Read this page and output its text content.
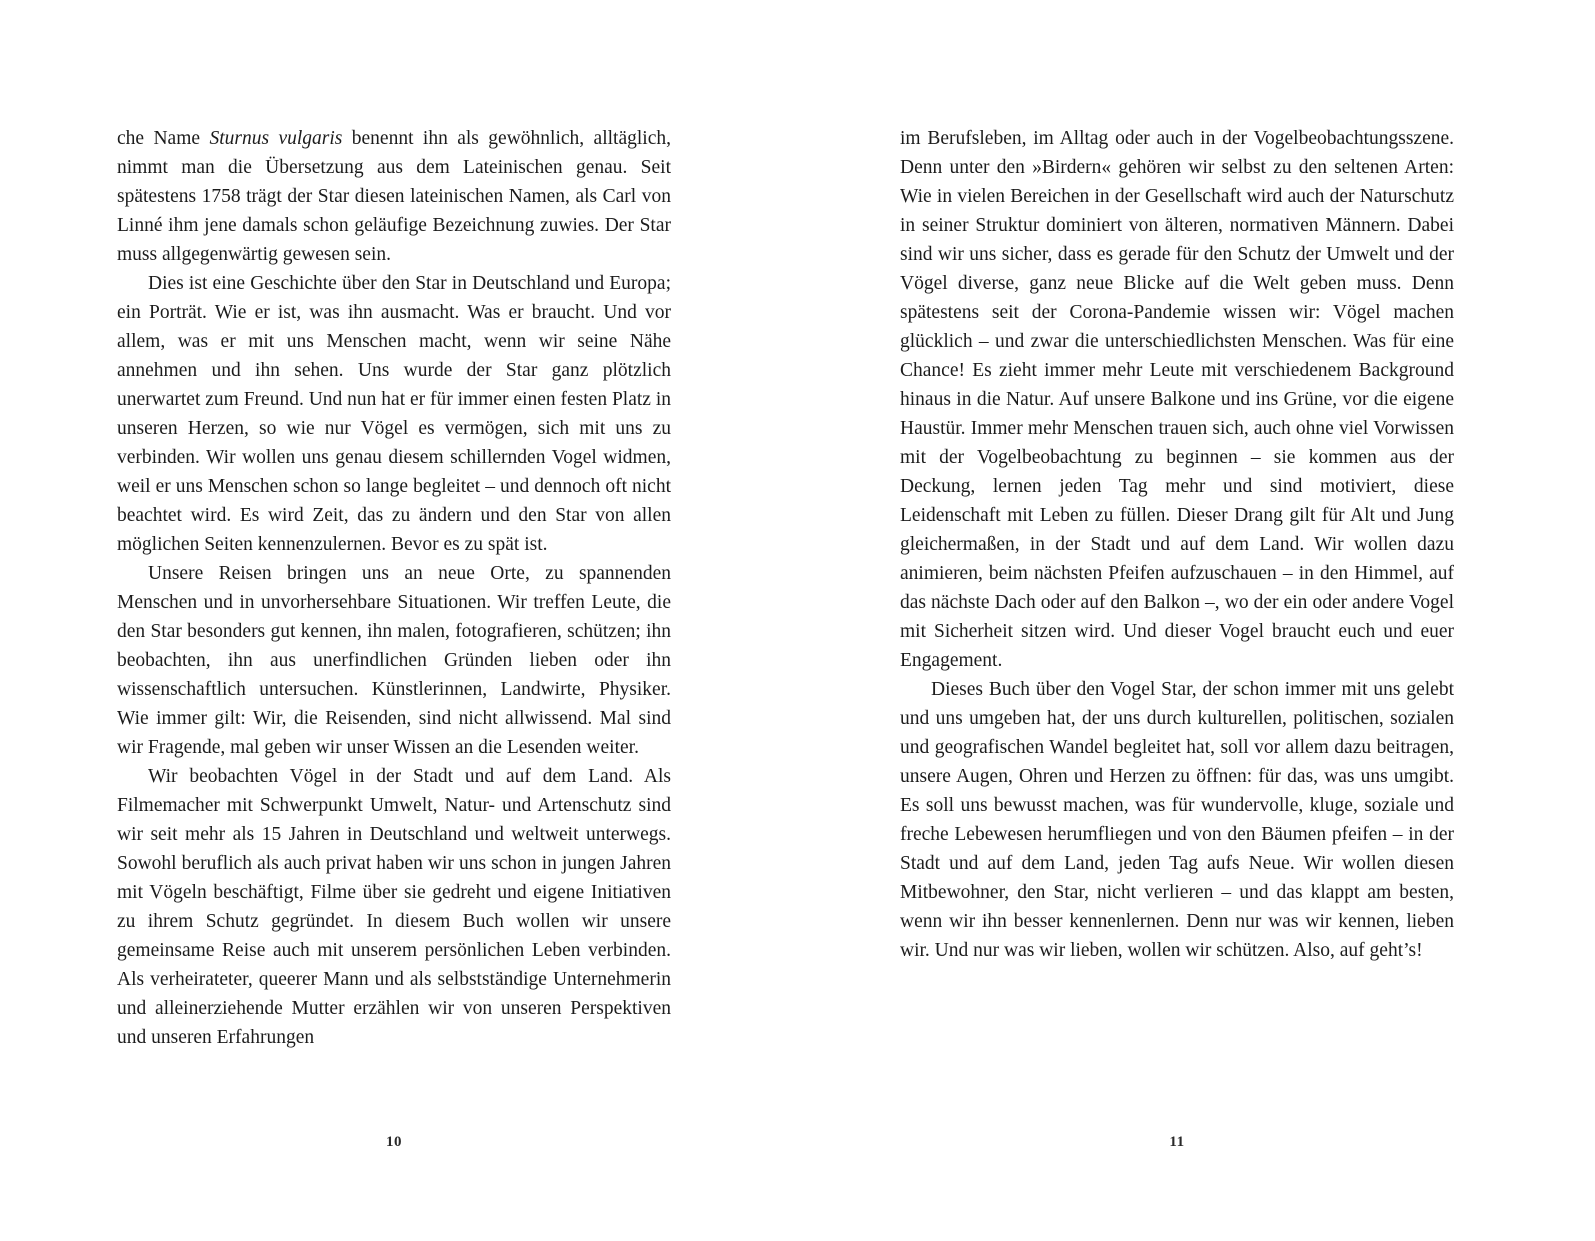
che Name Sturnus vulgaris benennt ihn als gewöhnlich, alltäglich, nimmt man die Übersetzung aus dem Lateinischen genau. Seit spätestens 1758 trägt der Star diesen lateinischen Namen, als Carl von Linné ihm jene damals schon geläufige Bezeichnung zuwies. Der Star muss allgegenwärtig gewesen sein.

Dies ist eine Geschichte über den Star in Deutschland und Europa; ein Porträt. Wie er ist, was ihn ausmacht. Was er braucht. Und vor allem, was er mit uns Menschen macht, wenn wir seine Nähe annehmen und ihn sehen. Uns wurde der Star ganz plötzlich unerwartet zum Freund. Und nun hat er für immer einen festen Platz in unseren Herzen, so wie nur Vögel es vermögen, sich mit uns zu verbinden. Wir wollen uns genau diesem schillernden Vogel widmen, weil er uns Menschen schon so lange begleitet – und dennoch oft nicht beachtet wird. Es wird Zeit, das zu ändern und den Star von allen möglichen Seiten kennenzulernen. Bevor es zu spät ist.

Unsere Reisen bringen uns an neue Orte, zu spannenden Menschen und in unvorhersehbare Situationen. Wir treffen Leute, die den Star besonders gut kennen, ihn malen, fotografieren, schützen; ihn beobachten, ihn aus unerfindlichen Gründen lieben oder ihn wissenschaftlich untersuchen. Künstlerinnen, Landwirte, Physiker. Wie immer gilt: Wir, die Reisenden, sind nicht allwissend. Mal sind wir Fragende, mal geben wir unser Wissen an die Lesenden weiter.

Wir beobachten Vögel in der Stadt und auf dem Land. Als Filmemacher mit Schwerpunkt Umwelt, Natur- und Artenschutz sind wir seit mehr als 15 Jahren in Deutschland und weltweit unterwegs. Sowohl beruflich als auch privat haben wir uns schon in jungen Jahren mit Vögeln beschäftigt, Filme über sie gedreht und eigene Initiativen zu ihrem Schutz gegründet. In diesem Buch wollen wir unsere gemeinsame Reise auch mit unserem persönlichen Leben verbinden. Als verheirateter, queerer Mann und als selbstständige Unternehmerin und alleinerziehende Mutter erzählen wir von unseren Perspektiven und unseren Erfahrungen

im Berufsleben, im Alltag oder auch in der Vogelbeobachtungsszene. Denn unter den »Birdern« gehören wir selbst zu den seltenen Arten: Wie in vielen Bereichen in der Gesellschaft wird auch der Naturschutz in seiner Struktur dominiert von älteren, normativen Männern. Dabei sind wir uns sicher, dass es gerade für den Schutz der Umwelt und der Vögel diverse, ganz neue Blicke auf die Welt geben muss. Denn spätestens seit der Corona-Pandemie wissen wir: Vögel machen glücklich – und zwar die unterschiedlichsten Menschen. Was für eine Chance! Es zieht immer mehr Leute mit verschiedenem Background hinaus in die Natur. Auf unsere Balkone und ins Grüne, vor die eigene Haustür. Immer mehr Menschen trauen sich, auch ohne viel Vorwissen mit der Vogelbeobachtung zu beginnen – sie kommen aus der Deckung, lernen jeden Tag mehr und sind motiviert, diese Leidenschaft mit Leben zu füllen. Dieser Drang gilt für Alt und Jung gleichermaßen, in der Stadt und auf dem Land. Wir wollen dazu animieren, beim nächsten Pfeifen aufzuschauen – in den Himmel, auf das nächste Dach oder auf den Balkon –, wo der ein oder andere Vogel mit Sicherheit sitzen wird. Und dieser Vogel braucht euch und euer Engagement.

Dieses Buch über den Vogel Star, der schon immer mit uns gelebt und uns umgeben hat, der uns durch kulturellen, politischen, sozialen und geografischen Wandel begleitet hat, soll vor allem dazu beitragen, unsere Augen, Ohren und Herzen zu öffnen: für das, was uns umgibt. Es soll uns bewusst machen, was für wundervolle, kluge, soziale und freche Lebewesen herumfliegen und von den Bäumen pfeifen – in der Stadt und auf dem Land, jeden Tag aufs Neue. Wir wollen diesen Mitbewohner, den Star, nicht verlieren – und das klappt am besten, wenn wir ihn besser kennenlernen. Denn nur was wir kennen, lieben wir. Und nur was wir lieben, wollen wir schützen. Also, auf geht’s!

10	11
